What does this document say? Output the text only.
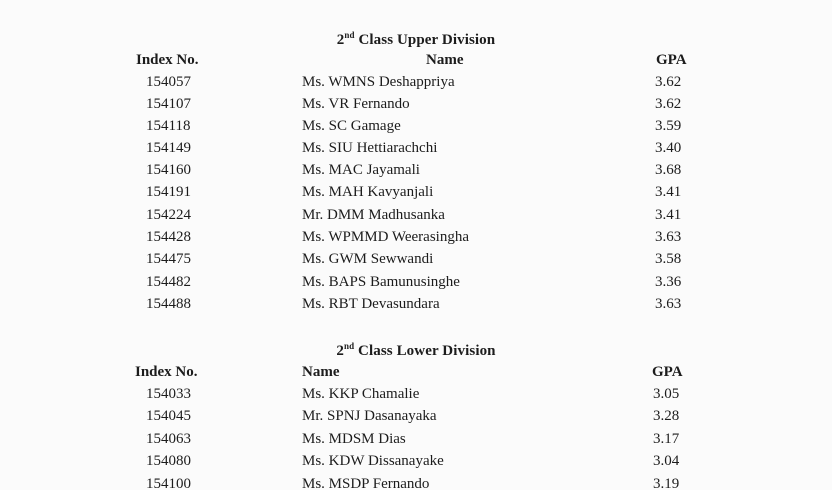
2nd Class Upper Division
Index No.	Name	GPA
154057	Ms. WMNS Deshappriya	3.62
154107	Ms. VR Fernando	3.62
154118	Ms. SC Gamage	3.59
154149	Ms. SIU Hettiarachchi	3.40
154160	Ms. MAC Jayamali	3.68
154191	Ms. MAH Kavyanjali	3.41
154224	Mr. DMM Madhusanka	3.41
154428	Ms. WPMMD Weerasingha	3.63
154475	Ms. GWM Sewwandi	3.58
154482	Ms. BAPS Bamunusinghe	3.36
154488	Ms. RBT Devasundara	3.63
2nd Class Lower Division
Index No.	Name	GPA
154033	Ms. KKP Chamalie	3.05
154045	Mr. SPNJ Dasanayaka	3.28
154063	Ms. MDSM Dias	3.17
154080	Ms. KDW Dissanayake	3.04
154100	Ms. MSDP Fernando	3.19
